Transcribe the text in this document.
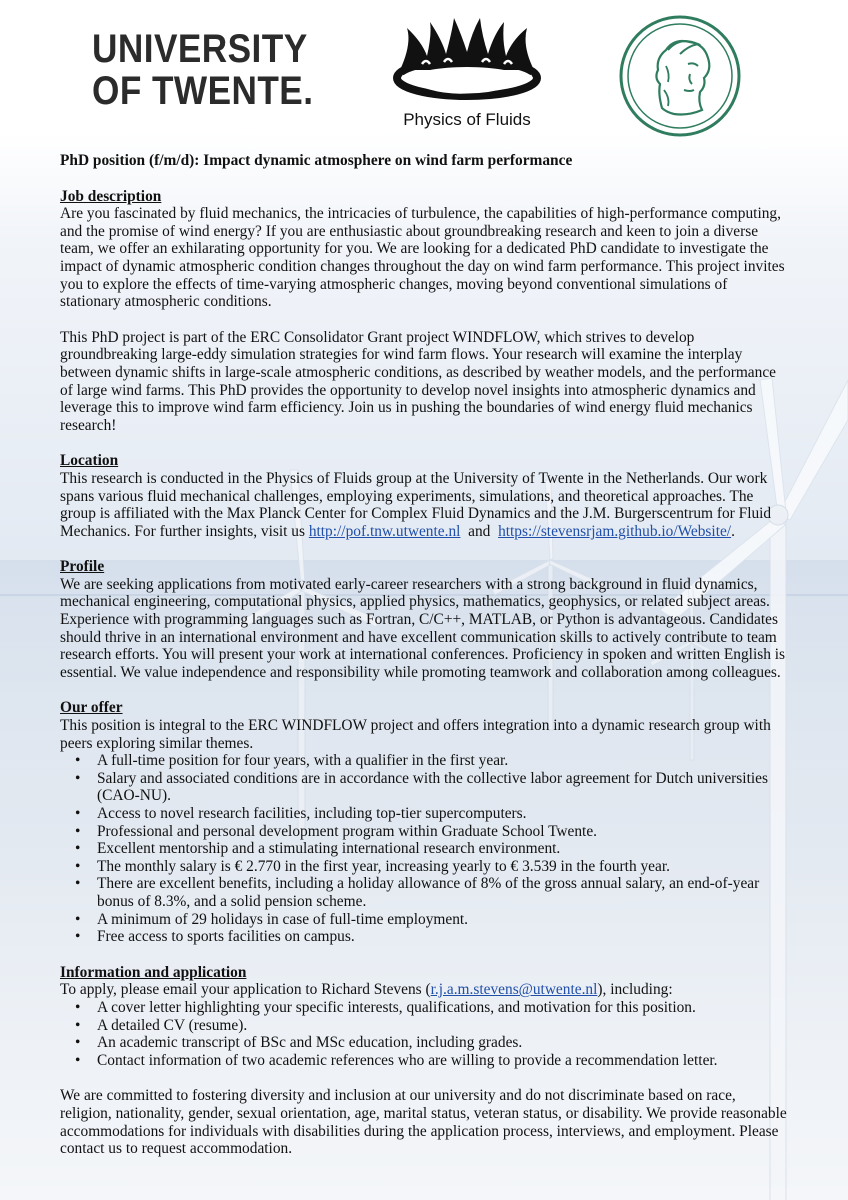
UNIVERSITY
OF TWENTE.
Physics of Fluids

PhD position (f/m/d): Impact dynamic atmosphere on wind farm performance

Job description

Are you fascinated by fluid mechanics, the intricacies of turbulence, the capabilities of high-performance computing, and the promise of wind energy? If you are enthusiastic about groundbreaking research and keen to join a diverse team, we offer an exhilarating opportunity for you. We are looking for a dedicated PhD candidate to investigate the impact of dynamic atmospheric condition changes throughout the day on wind farm performance. This project invites you to explore the effects of time-varying atmospheric changes, moving beyond conventional simulations of stationary atmospheric conditions.

This PhD project is part of the ERC Consolidator Grant project WINDFLOW, which strives to develop groundbreaking large-eddy simulation strategies for wind farm flows. Your research will examine the interplay between dynamic shifts in large-scale atmospheric conditions, as described by weather models, and the performance of large wind farms. This PhD provides the opportunity to develop novel insights into atmospheric dynamics and leverage this to improve wind farm efficiency. Join us in pushing the boundaries of wind energy fluid mechanics research!

Location

This research is conducted in the Physics of Fluids group at the University of Twente in the Netherlands. Our work spans various fluid mechanical challenges, employing experiments, simulations, and theoretical approaches. The group is affiliated with the Max Planck Center for Complex Fluid Dynamics and the J.M. Burgerscentrum for Fluid Mechanics. For further insights, visit us http://pof.tnw.utwente.nl and https://stevensrjam.github.io/Website/.

Profile

We are seeking applications from motivated early-career researchers with a strong background in fluid dynamics, mechanical engineering, computational physics, applied physics, mathematics, geophysics, or related subject areas. Experience with programming languages such as Fortran, C/C++, MATLAB, or Python is advantageous. Candidates should thrive in an international environment and have excellent communication skills to actively contribute to team research efforts. You will present your work at international conferences. Proficiency in spoken and written English is essential. We value independence and responsibility while promoting teamwork and collaboration among colleagues.

Our offer

This position is integral to the ERC WINDFLOW project and offers integration into a dynamic research group with peers exploring similar themes.

• A full-time position for four years, with a qualifier in the first year.
• Salary and associated conditions are in accordance with the collective labor agreement for Dutch universities (CAO-NU).
• Access to novel research facilities, including top-tier supercomputers.
• Professional and personal development program within Graduate School Twente.
• Excellent mentorship and a stimulating international research environment.
• The monthly salary is € 2.770 in the first year, increasing yearly to € 3.539 in the fourth year.
• There are excellent benefits, including a holiday allowance of 8% of the gross annual salary, an end-of-year bonus of 8.3%, and a solid pension scheme.
• A minimum of 29 holidays in case of full-time employment.
• Free access to sports facilities on campus.

Information and application

To apply, please email your application to Richard Stevens (r.j.a.m.stevens@utwente.nl), including:

• A cover letter highlighting your specific interests, qualifications, and motivation for this position.
• A detailed CV (resume).
• An academic transcript of BSc and MSc education, including grades.
• Contact information of two academic references who are willing to provide a recommendation letter.

We are committed to fostering diversity and inclusion at our university and do not discriminate based on race, religion, nationality, gender, sexual orientation, age, marital status, veteran status, or disability. We provide reasonable accommodations for individuals with disabilities during the application process, interviews, and employment. Please contact us to request accommodation.
